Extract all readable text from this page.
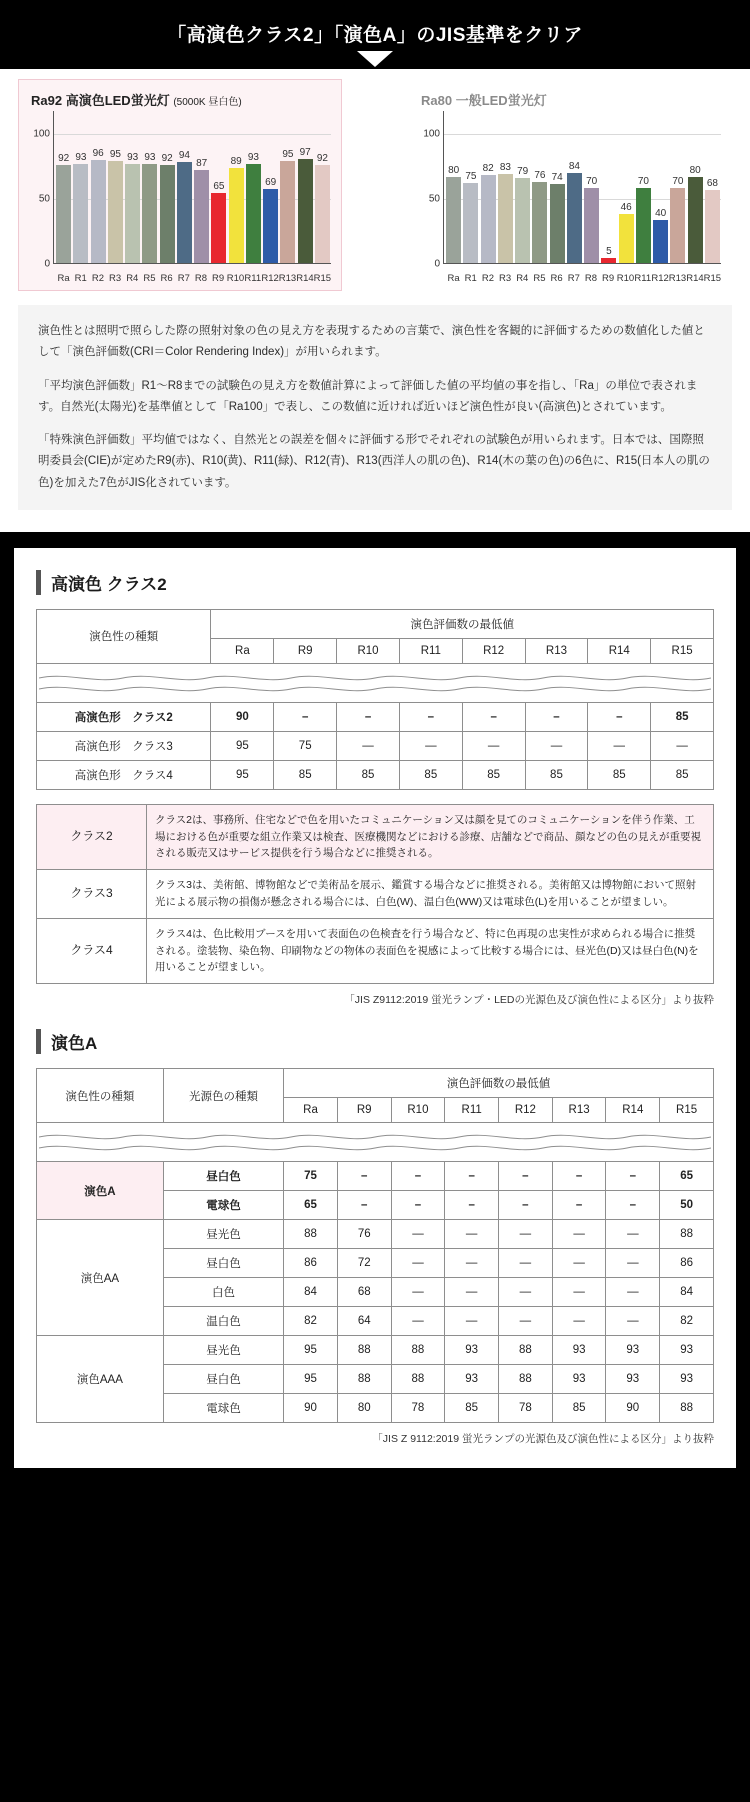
「高演色クラス2」「演色A」のJIS基準をクリア
Ra92 高演色LED蛍光灯 (5000K 昼白色)
100
50
0
92 93 96 95 93 93 92 94
87
65
89 93
69
95 97 92
Ra R1 R2 R3 R4 R5 R6 R7 R8 R9 R10 R11 R12 R13 R14 R15
Ra80 一般LED蛍光灯
100
50
0
80 75
82 83 79 76 74
84
70
5
46
70
40
70
80
68
Ra R1 R2 R3 R4 R5 R6 R7 R8 R9 R10 R11 R12 R13 R14 R15

演色性とは照明で照らした際の照射対象の色の見え方を表現するための言葉で、演色性を客観的に評価するための数値化した値として「演色評価数(CRI＝Color Rendering Index)」が用いられます。

「平均演色評価数」R1〜R8までの試験色の見え方を数値計算によって評価した値の平均値の事を指し、「Ra」の単位で表されます。自然光(太陽光)を基準値として「Ra100」で表し、この数値に近ければ近いほど演色性が良い(高演色)とされています。

「特殊演色評価数」平均値ではなく、自然光との誤差を個々に評価する形でそれぞれの試験色が用いられます。日本では、国際照明委員会(CIE)が定めたR9(赤)、R10(黄)、R11(緑)、R12(青)、R13(西洋人の肌の色)、R14(木の葉の色)の6色に、R15(日本人の肌の色)を加えた7色がJIS化されています。

高演色 クラス2
演色性の種類	演色評価数の最低値							
	Ra	R9	R10	R11	R12	R13	R14	R15

高演色形　クラス2	90	–	–	–	–	–	–	85
高演色形　クラス3	95	75	—	—	—	—	—	—
高演色形　クラス4	95	85	85	85	85	85	85	85
クラス2	クラス2は、事務所、住宅などで色を用いたコミュニケーション又は顔を見てのコミュニケーションを伴う作業、工場における色が重要な組立作業又は検査、医療機関などにおける診療、店舗などで商品、顔などの色の見えが重要視される販売又はサービス提供を行う場合などに推奨される。
クラス3	クラス3は、美術館、博物館などで美術品を展示、鑑賞する場合などに推奨される。美術館又は博物館において照射光による展示物の損傷が懸念される場合には、白色(W)、温白色(WW)又は電球色(L)を用いることが望ましい。
クラス4	クラス4は、色比較用ブースを用いて表面色の色検査を行う場合など、特に色再現の忠実性が求められる場合に推奨される。塗装物、染色物、印刷物などの物体の表面色を視感によって比較する場合には、昼光色(D)又は昼白色(N)を用いることが望ましい。
「JIS Z9112:2019 蛍光ランプ・LEDの光源色及び演色性による区分」より抜粋
演色A
演色性の種類	光源色の種類	演色評価数の最低値							
		Ra	R9	R10	R11	R12	R13	R14	R15

演色A	昼白色	75	–	–	–	–	–	–	65
	電球色	65	–	–	–	–	–	–	50
演色AA	昼光色	88	76	—	—	—	—	—	88
	昼白色	86	72	—	—	—	—	—	86
	白色	84	68	—	—	—	—	—	84
	温白色	82	64	—	—	—	—	—	82
演色AAA	昼光色	95	88	88	93	88	93	93	93
	昼白色	95	88	88	93	88	93	93	93
	電球色	90	80	78	85	78	85	90	88
「JIS Z 9112:2019 蛍光ランプの光源色及び演色性による区分」より抜粋
